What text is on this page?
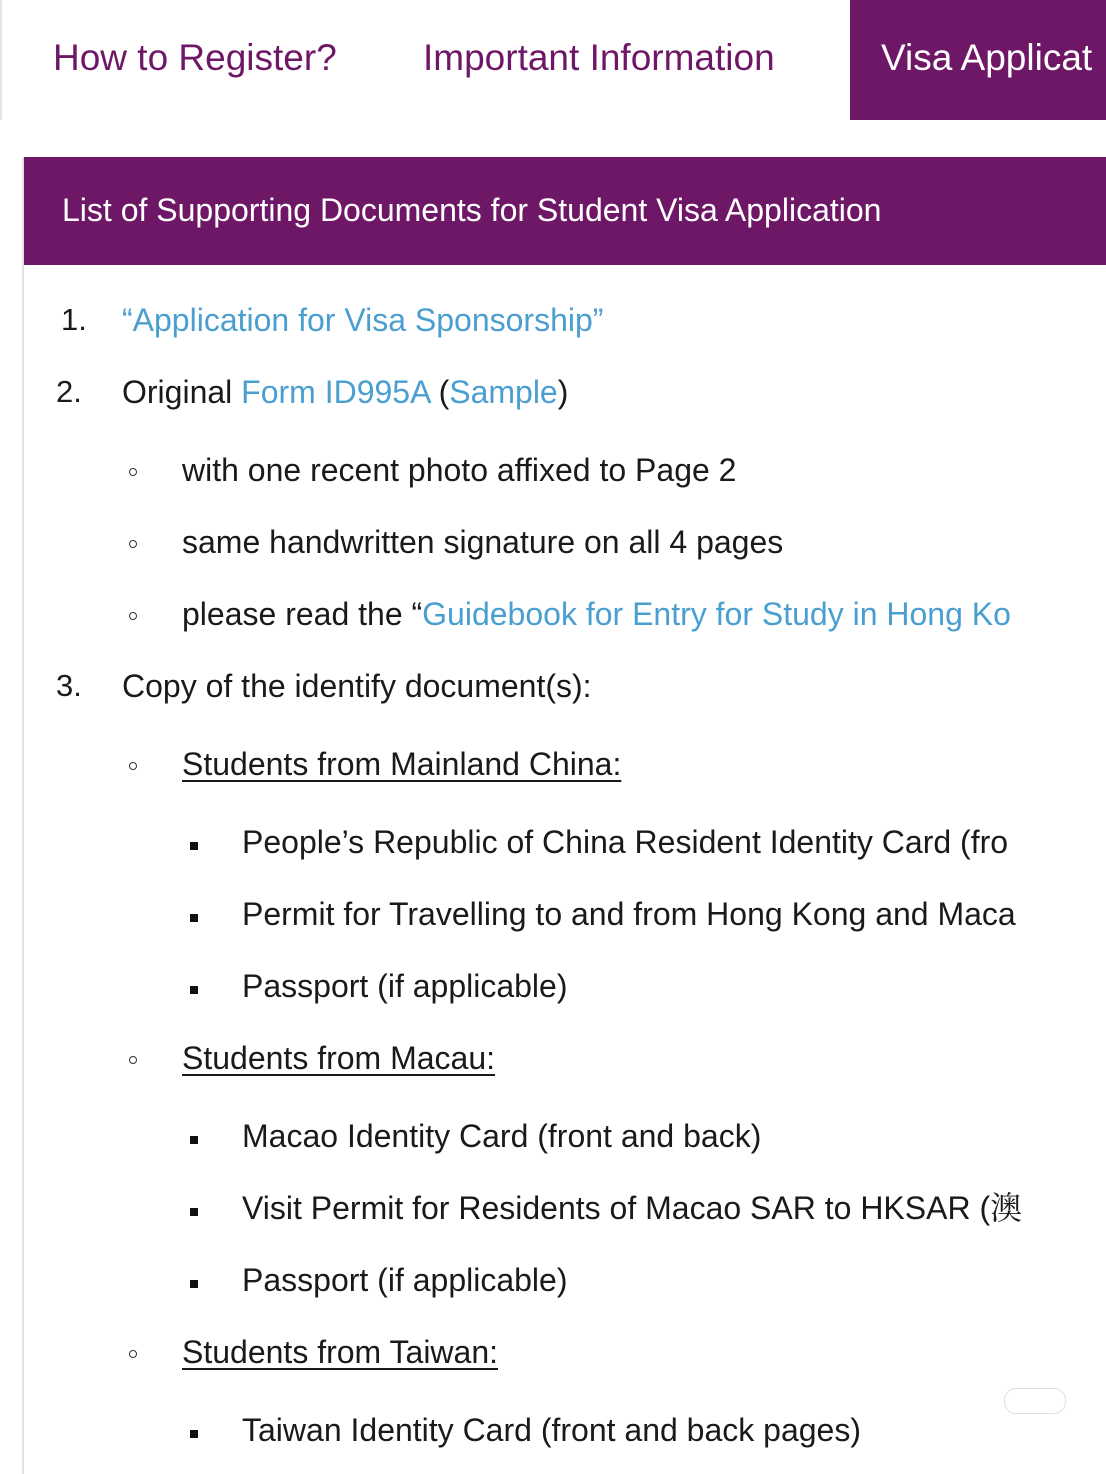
How to Register? Important Information	Visa Applicat
List of Supporting Documents for Student Visa Application
1. “Application for Visa Sponsorship”
2. Original Form ID995A (Sample)
with one recent photo affixed to Page 2
same handwritten signature on all 4 pages
please read the “Guidebook for Entry for Study in Hong Ko
3. Copy of the identify document(s):
Students from Mainland China:
People’s Republic of China Resident Identity Card (fro
Permit for Travelling to and from Hong Kong and Maca
Passport (if applicable)
Students from Macau:
Macao Identity Card (front and back)
Visit Permit for Residents of Macao SAR to HKSAR (澳
Passport (if applicable)
Students from Taiwan:
Taiwan Identity Card (front and back pages)
